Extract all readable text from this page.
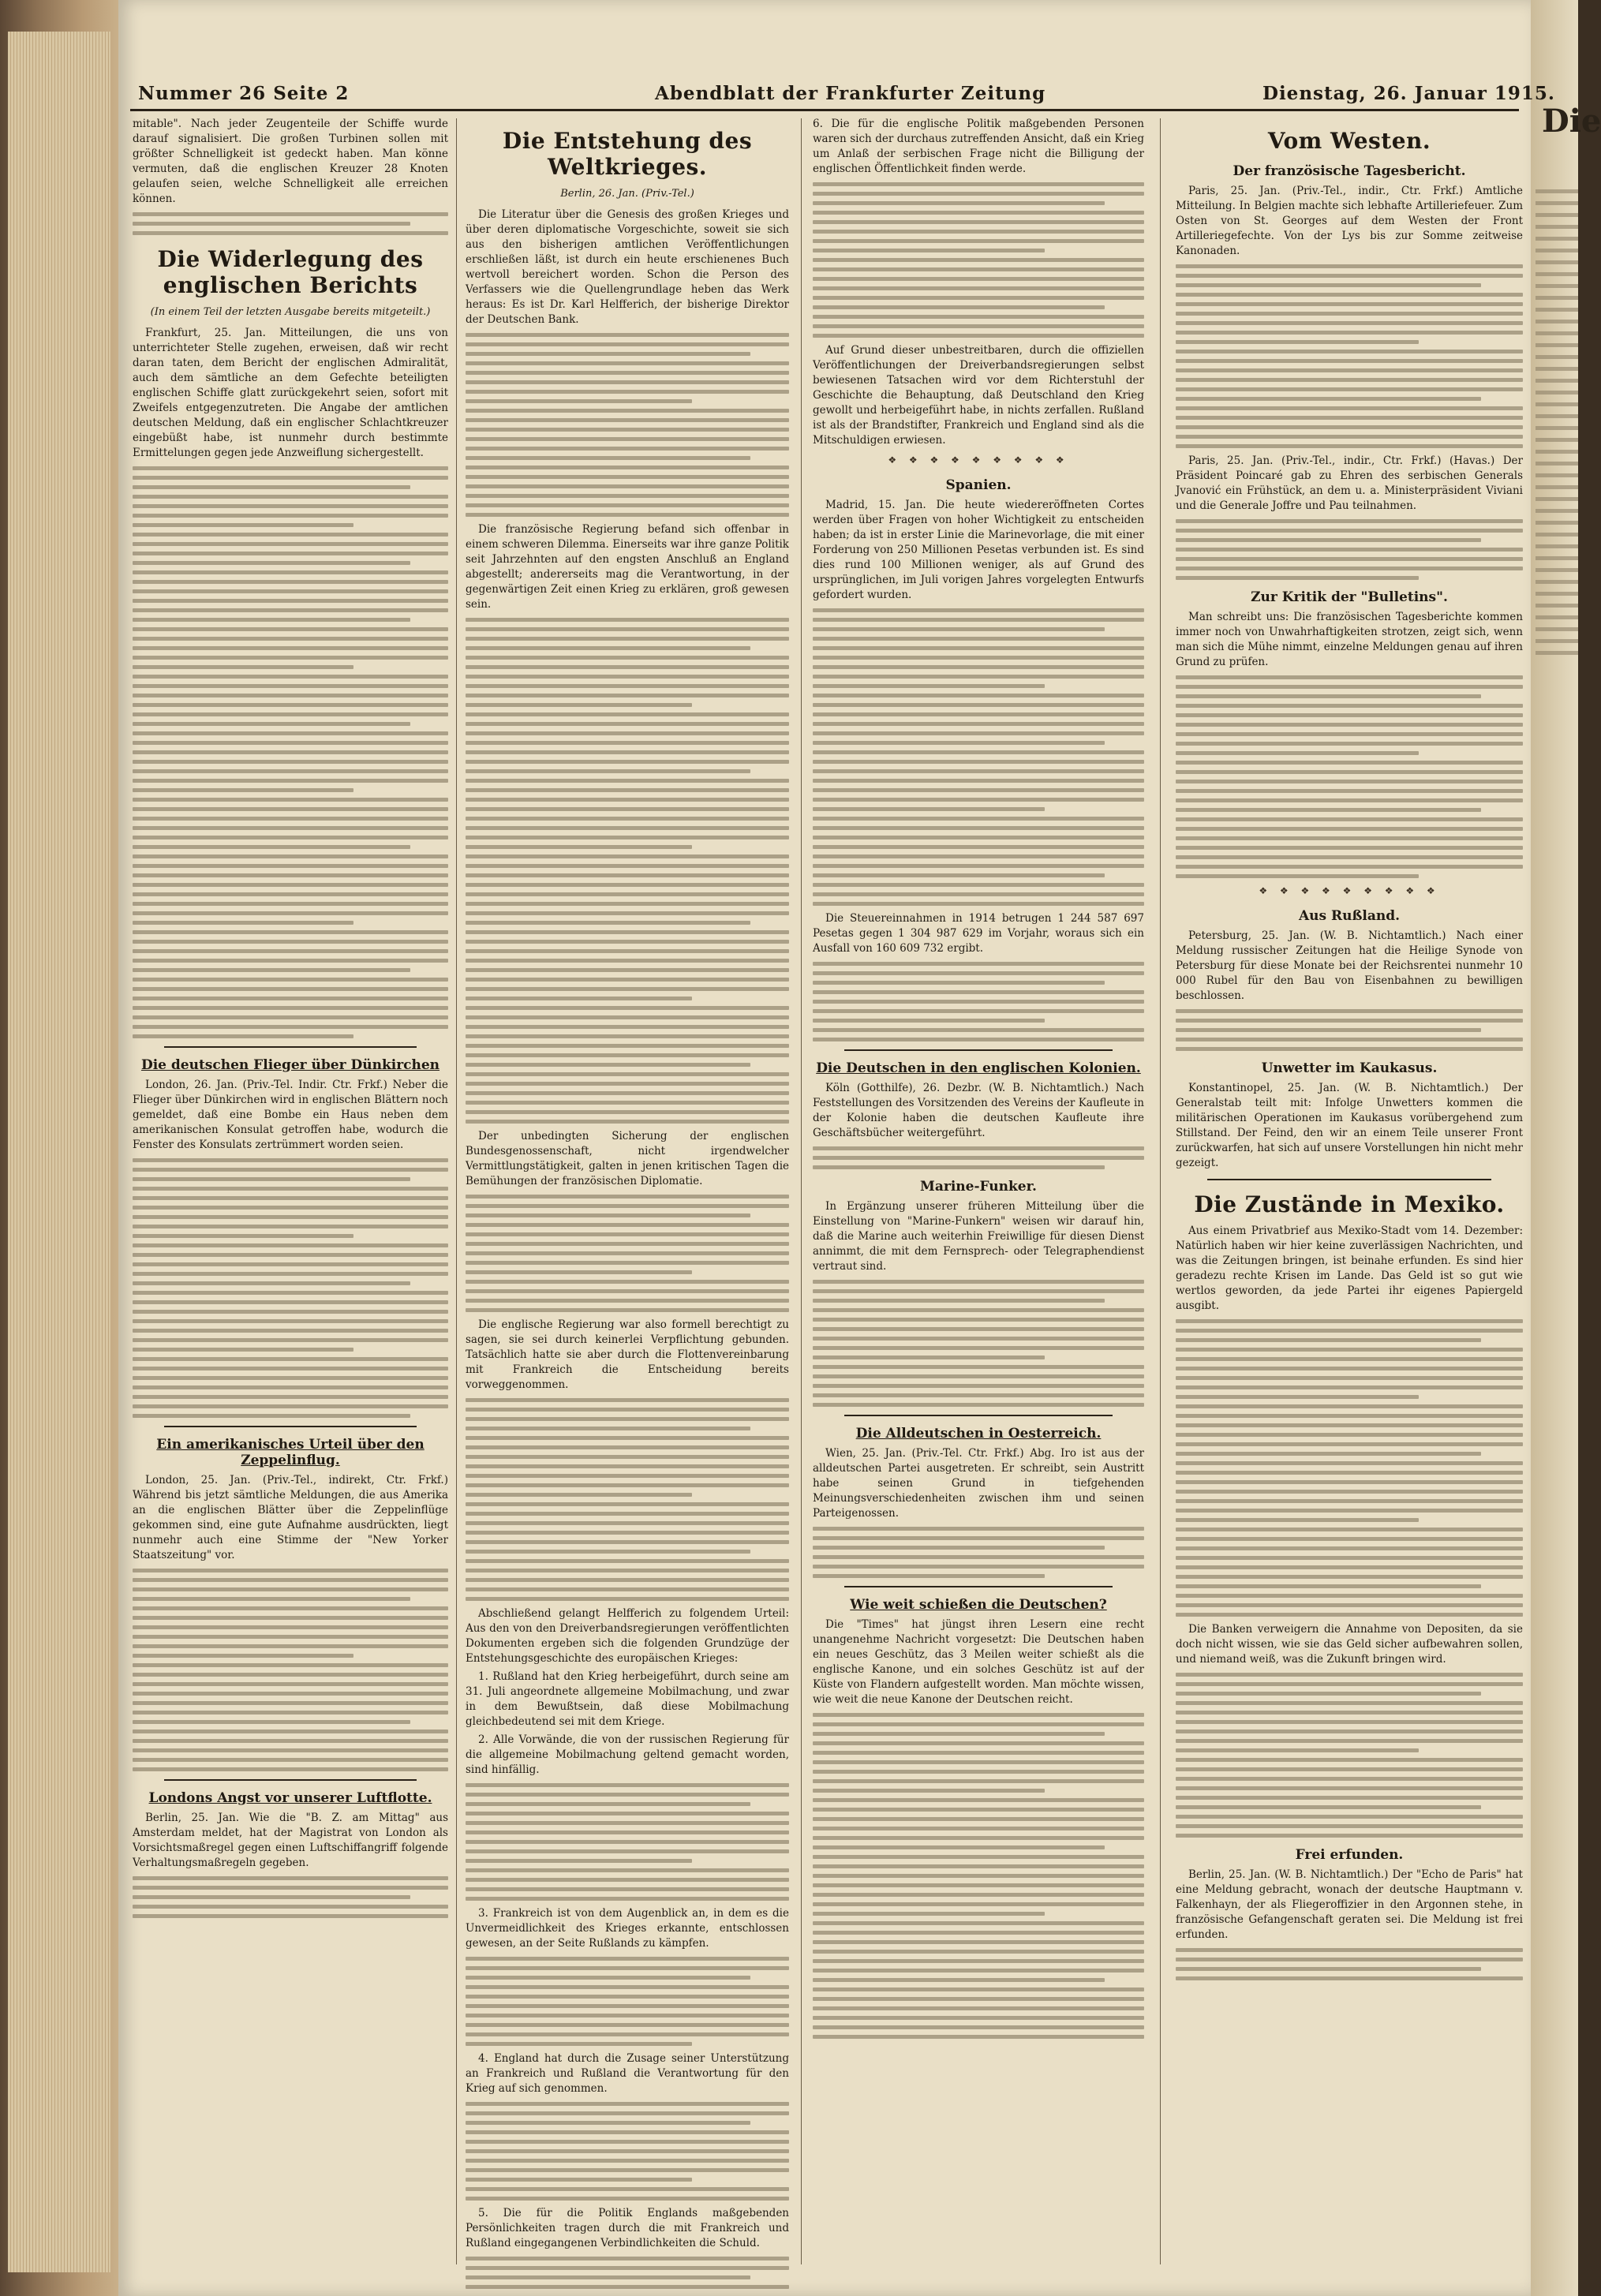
Die
Nummer 26 Seite 2	Abendblatt der Frankfurter Zeitung	Dienstag, 26. Januar 1915.

mitable". Nach jeder Zeugenteile der Schiffe wurde darauf signalisiert. Die großen Turbinen sollen mit größter Schnelligkeit ist gedeckt haben. Man könne vermuten, daß die englischen Kreuzer 28 Knoten gelaufen seien, welche Schnelligkeit alle erreichen können.

Die Widerlegung des englischen Berichts
(In einem Teil der letzten Ausgabe bereits mitgeteilt.)

Frankfurt, 25. Jan. Mitteilungen, die uns von unterrichteter Stelle zugehen, erweisen, daß wir recht daran taten, dem Bericht der englischen Admiralität, auch dem sämtliche an dem Gefechte beteiligten englischen Schiffe glatt zurückgekehrt seien, sofort mit Zweifels entgegenzutreten. Die Angabe der amtlichen deutschen Meldung, daß ein englischer Schlachtkreuzer eingebüßt habe, ist nunmehr durch bestimmte Ermittelungen gegen jede Anzweiflung sichergestellt.

Die deutschen Flieger über Dünkirchen

London, 26. Jan. (Priv.-Tel. Indir. Ctr. Frkf.) Neber die Flieger über Dünkirchen wird in englischen Blättern noch gemeldet, daß eine Bombe ein Haus neben dem amerikanischen Konsulat getroffen habe, wodurch die Fenster des Konsulats zertrümmert worden seien.

Ein amerikanisches Urteil über den Zeppelinflug.

London, 25. Jan. (Priv.-Tel., indirekt, Ctr. Frkf.) Während bis jetzt sämtliche Meldungen, die aus Amerika an die englischen Blätter über die Zeppelinflüge gekommen sind, eine gute Aufnahme ausdrückten, liegt nunmehr auch eine Stimme der "New Yorker Staatszeitung" vor.

Londons Angst vor unserer Luftflotte.

Berlin, 25. Jan. Wie die "B. Z. am Mittag" aus Amsterdam meldet, hat der Magistrat von London als Vorsichtsmaßregel gegen einen Luftschiffangriff folgende Verhaltungsmaßregeln gegeben.

Die Entstehung des Weltkrieges.
Berlin, 26. Jan. (Priv.-Tel.)

Die Literatur über die Genesis des großen Krieges und über deren diplomatische Vorgeschichte, soweit sie sich aus den bisherigen amtlichen Veröffentlichungen erschließen läßt, ist durch ein heute erschienenes Buch wertvoll bereichert worden. Schon die Person des Verfassers wie die Quellengrundlage heben das Werk heraus: Es ist Dr. Karl Helfferich, der bisherige Direktor der Deutschen Bank.

Die französische Regierung befand sich offenbar in einem schweren Dilemma. Einerseits war ihre ganze Politik seit Jahrzehnten auf den engsten Anschluß an England abgestellt; andererseits mag die Verantwortung, in der gegenwärtigen Zeit einen Krieg zu erklären, groß gewesen sein.

Der unbedingten Sicherung der englischen Bundesgenossenschaft, nicht irgendwelcher Vermittlungstätigkeit, galten in jenen kritischen Tagen die Bemühungen der französischen Diplomatie.

Die englische Regierung war also formell berechtigt zu sagen, sie sei durch keinerlei Verpflichtung gebunden. Tatsächlich hatte sie aber durch die Flottenvereinbarung mit Frankreich die Entscheidung bereits vorweggenommen.

Abschließend gelangt Helfferich zu folgendem Urteil: Aus den von den Dreiverbandsregierungen veröffentlichten Dokumenten ergeben sich die folgenden Grundzüge der Entstehungsgeschichte des europäischen Krieges:

1. Rußland hat den Krieg herbeigeführt, durch seine am 31. Juli angeordnete allgemeine Mobilmachung, und zwar in dem Bewußtsein, daß diese Mobilmachung gleichbedeutend sei mit dem Kriege.

2. Alle Vorwände, die von der russischen Regierung für die allgemeine Mobilmachung geltend gemacht worden, sind hinfällig.

3. Frankreich ist von dem Augenblick an, in dem es die Unvermeidlichkeit des Krieges erkannte, entschlossen gewesen, an der Seite Rußlands zu kämpfen.

4. England hat durch die Zusage seiner Unterstützung an Frankreich und Rußland die Verantwortung für den Krieg auf sich genommen.

5. Die für die Politik Englands maßgebenden Persönlichkeiten tragen durch die mit Frankreich und Rußland eingegangenen Verbindlichkeiten die Schuld.

6. Die für die englische Politik maßgebenden Personen waren sich der durchaus zutreffenden Ansicht, daß ein Krieg um Anlaß der serbischen Frage nicht die Billigung der englischen Öffentlichkeit finden werde.

Auf Grund dieser unbestreitbaren, durch die offiziellen Veröffentlichungen der Dreiverbandsregierungen selbst bewiesenen Tatsachen wird vor dem Richterstuhl der Geschichte die Behauptung, daß Deutschland den Krieg gewollt und herbeigeführt habe, in nichts zerfallen. Rußland ist als der Brandstifter, Frankreich und England sind als die Mitschuldigen erwiesen.

❖ ❖ ❖ ❖ ❖ ❖ ❖ ❖ ❖
Spanien.

Madrid, 15. Jan. Die heute wiedereröffneten Cortes werden über Fragen von hoher Wichtigkeit zu entscheiden haben; da ist in erster Linie die Marinevorlage, die mit einer Forderung von 250 Millionen Pesetas verbunden ist. Es sind dies rund 100 Millionen weniger, als auf Grund des ursprünglichen, im Juli vorigen Jahres vorgelegten Entwurfs gefordert wurden.

Die Steuereinnahmen in 1914 betrugen 1 244 587 697 Pesetas gegen 1 304 987 629 im Vorjahr, woraus sich ein Ausfall von 160 609 732 ergibt.

Die Deutschen in den englischen Kolonien.

Köln (Gotthilfe), 26. Dezbr. (W. B. Nichtamtlich.) Nach Feststellungen des Vorsitzenden des Vereins der Kaufleute in der Kolonie haben die deutschen Kaufleute ihre Geschäftsbücher weitergeführt.

Marine-Funker.

In Ergänzung unserer früheren Mitteilung über die Einstellung von "Marine-Funkern" weisen wir darauf hin, daß die Marine auch weiterhin Freiwillige für diesen Dienst annimmt, die mit dem Fernsprech- oder Telegraphendienst vertraut sind.

Die Alldeutschen in Oesterreich.

Wien, 25. Jan. (Priv.-Tel. Ctr. Frkf.) Abg. Iro ist aus der alldeutschen Partei ausgetreten. Er schreibt, sein Austritt habe seinen Grund in tiefgehenden Meinungsverschiedenheiten zwischen ihm und seinen Parteigenossen.

Wie weit schießen die Deutschen?

Die "Times" hat jüngst ihren Lesern eine recht unangenehme Nachricht vorgesetzt: Die Deutschen haben ein neues Geschütz, das 3 Meilen weiter schießt als die englische Kanone, und ein solches Geschütz ist auf der Küste von Flandern aufgestellt worden. Man möchte wissen, wie weit die neue Kanone der Deutschen reicht.

Vom Westen.
Der französische Tagesbericht.

Paris, 25. Jan. (Priv.-Tel., indir., Ctr. Frkf.) Amtliche Mitteilung. In Belgien machte sich lebhafte Artilleriefeuer. Zum Osten von St. Georges auf dem Westen der Front Artilleriegefechte. Von der Lys bis zur Somme zeitweise Kanonaden.

Paris, 25. Jan. (Priv.-Tel., indir., Ctr. Frkf.) (Havas.) Der Präsident Poincaré gab zu Ehren des serbischen Generals Jvanović ein Frühstück, an dem u. a. Ministerpräsident Viviani und die Generale Joffre und Pau teilnahmen.

Zur Kritik der "Bulletins".

Man schreibt uns: Die französischen Tagesberichte kommen immer noch von Unwahrhaftigkeiten strotzen, zeigt sich, wenn man sich die Mühe nimmt, einzelne Meldungen genau auf ihren Grund zu prüfen.

❖ ❖ ❖ ❖ ❖ ❖ ❖ ❖ ❖
Aus Rußland.

Petersburg, 25. Jan. (W. B. Nichtamtlich.) Nach einer Meldung russischer Zeitungen hat die Heilige Synode von Petersburg für diese Monate bei der Reichsrentei nunmehr 10 000 Rubel für den Bau von Eisenbahnen zu bewilligen beschlossen.

Unwetter im Kaukasus.

Konstantinopel, 25. Jan. (W. B. Nichtamtlich.) Der Generalstab teilt mit: Infolge Unwetters kommen die militärischen Operationen im Kaukasus vorübergehend zum Stillstand. Der Feind, den wir an einem Teile unserer Front zurückwarfen, hat sich auf unsere Vorstellungen hin nicht mehr gezeigt.

Die Zustände in Mexiko.

Aus einem Privatbrief aus Mexiko-Stadt vom 14. Dezember: Natürlich haben wir hier keine zuverlässigen Nachrichten, und was die Zeitungen bringen, ist beinahe erfunden. Es sind hier geradezu rechte Krisen im Lande. Das Geld ist so gut wie wertlos geworden, da jede Partei ihr eigenes Papiergeld ausgibt.

Die Banken verweigern die Annahme von Depositen, da sie doch nicht wissen, wie sie das Geld sicher aufbewahren sollen, und niemand weiß, was die Zukunft bringen wird.

Frei erfunden.

Berlin, 25. Jan. (W. B. Nichtamtlich.) Der "Echo de Paris" hat eine Meldung gebracht, wonach der deutsche Hauptmann v. Falkenhayn, der als Fliegeroffizier in den Argonnen stehe, in französische Gefangenschaft geraten sei. Die Meldung ist frei erfunden.
